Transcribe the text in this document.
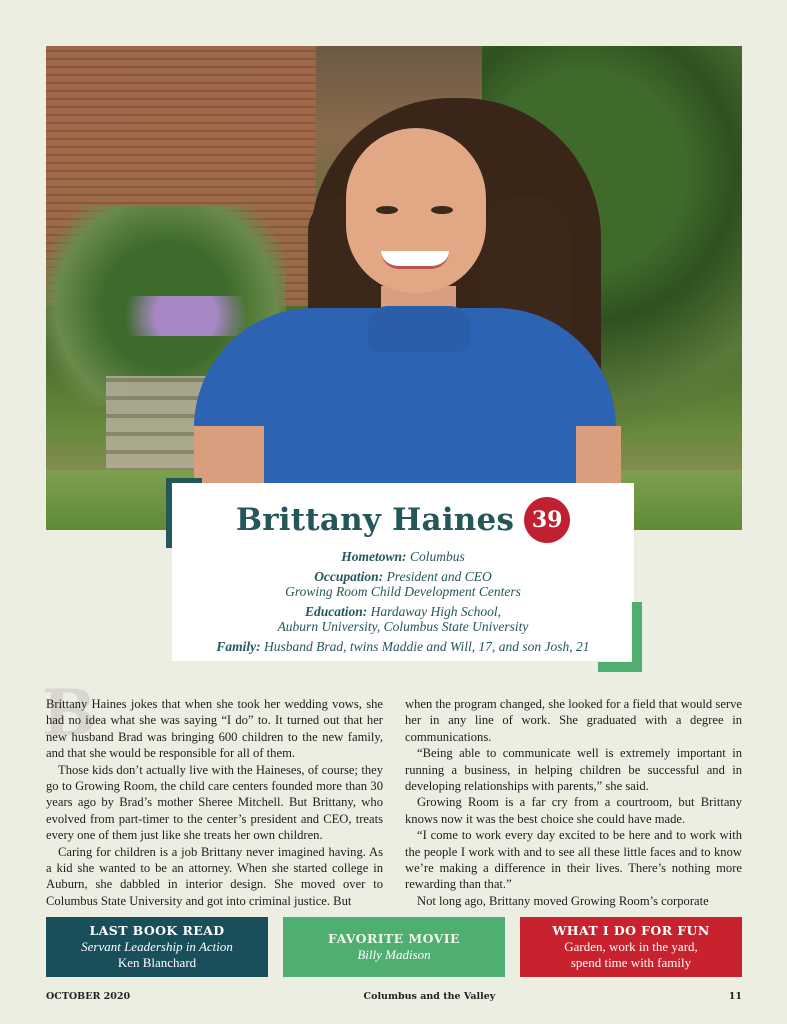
Brittany Haines 39
Hometown: Columbus
Occupation: President and CEO
Growing Room Child Development Centers
Education: Hardaway High School,
Auburn University, Columbus State University
Family: Husband Brad, twins Maddie and Will, 17, and son Josh, 21
B

Brittany Haines jokes that when she took her wedding vows, she had no idea what she was saying “I do” to. It turned out that her new husband Brad was bringing 600 children to the new family, and that she would be responsible for all of them.

Those kids don’t actually live with the Haineses, of course; they go to Growing Room, the child care centers founded more than 30 years ago by Brad’s mother Sheree Mitchell. But Brittany, who evolved from part-timer to the center’s president and CEO, treats every one of them just like she treats her own children.

Caring for children is a job Brittany never imagined having. As a kid she wanted to be an attorney. When she started college in Auburn, she dabbled in interior design. She moved over to Columbus State University and got into criminal justice. But

when the program changed, she looked for a field that would serve her in any line of work. She graduated with a degree in communications.

“Being able to communicate well is extremely important in running a business, in helping children be successful and in developing relationships with parents,” she said.

Growing Room is a far cry from a courtroom, but Brittany knows now it was the best choice she could have made.

“I come to work every day excited to be here and to work with the people I work with and to see all these little faces and to know we’re making a difference in their lives. There’s nothing more rewarding than that.”

Not long ago, Brittany moved Growing Room’s corporate

LAST BOOK READ
Servant Leadership in Action
Ken Blanchard
FAVORITE MOVIE
Billy Madison
WHAT I DO FOR FUN
Garden, work in the yard,
spend time with family
OCTOBER 2020	Columbus and the Valley	11
